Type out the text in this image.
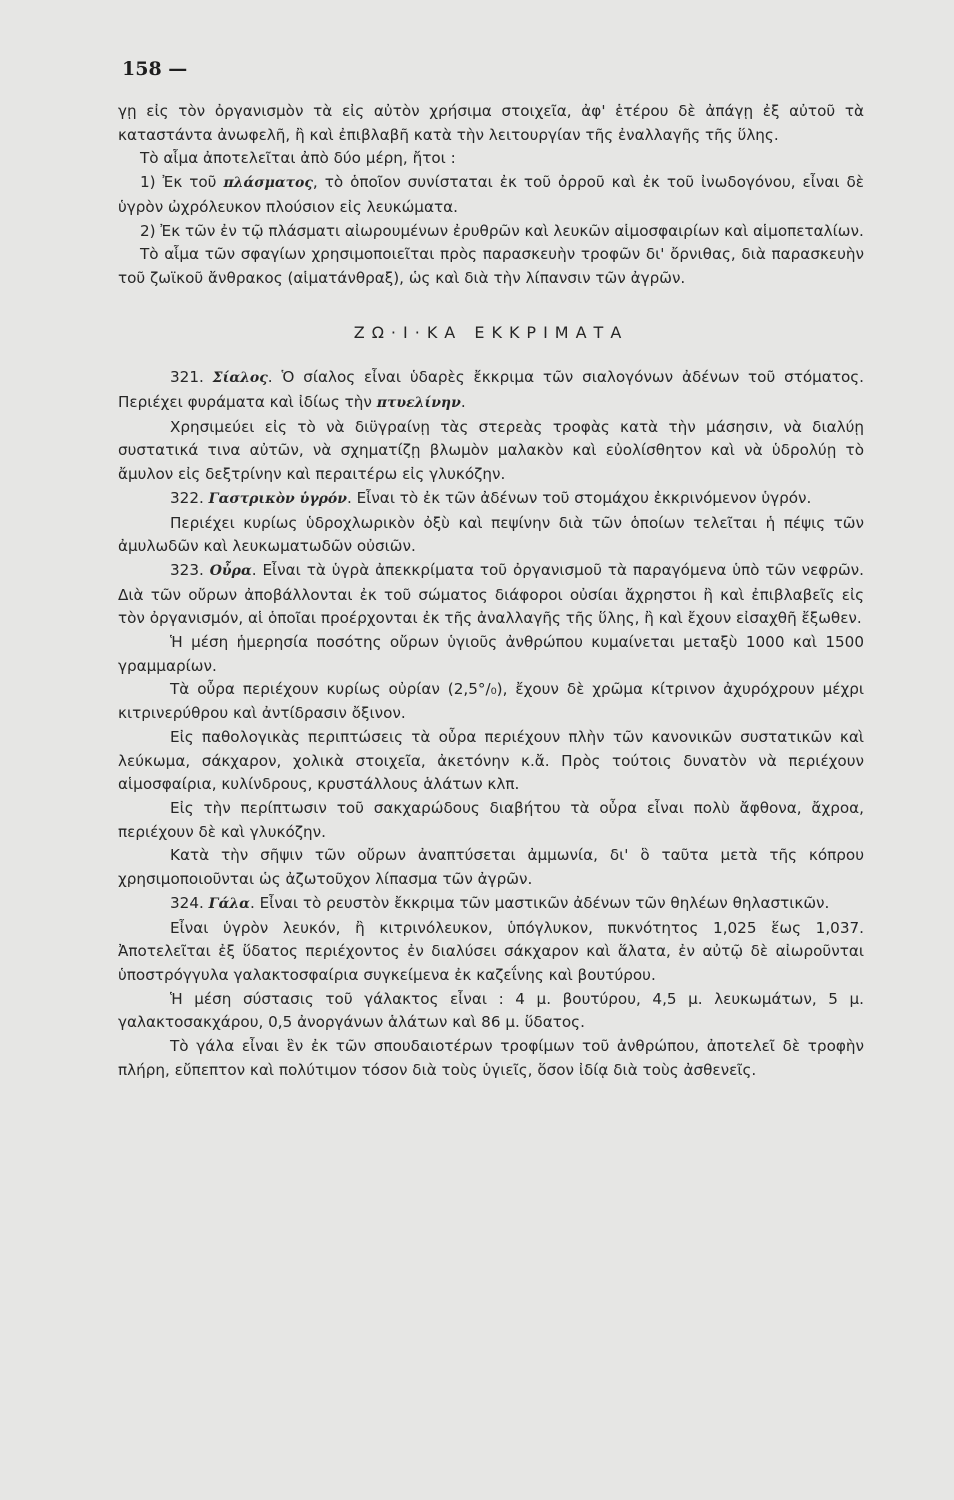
158 —

γῃ εἰς τὸν ὀργανισμὸν τὰ εἰς αὐτὸν χρήσιμα στοιχεῖα, ἀφ' ἑτέρου δὲ ἀπάγῃ ἐξ αὐτοῦ τὰ καταστάντα ἀνωφελῆ, ἢ καὶ ἐπιβλαβῆ κατὰ τὴν λειτουργίαν τῆς ἐναλλαγῆς τῆς ὕλης.

Τὸ αἷμα ἀποτελεῖται ἀπὸ δύο μέρη, ἤτοι :

1) Ἐκ τοῦ πλάσματος, τὸ ὁποῖον συνίσταται ἐκ τοῦ ὀρροῦ καὶ ἐκ τοῦ ἰνωδογόνου, εἶναι δὲ ὑγρὸν ὠχρόλευκον πλούσιον εἰς λευκώματα.

2) Ἐκ τῶν ἐν τῷ πλάσματι αἰωρουμένων ἐρυθρῶν καὶ λευκῶν αἱμοσφαιρίων καὶ αἱμοπεταλίων.

Τὸ αἷμα τῶν σφαγίων χρησιμοποιεῖται πρὸς παρασκευὴν τροφῶν δι' ὄρνιθας, διὰ παρασκευὴν τοῦ ζωϊκοῦ ἄνθρακος (αἱματάνθραξ), ὡς καὶ διὰ τὴν λίπανσιν τῶν ἀγρῶν.

ΖΩ·Ι·ΚΑ ΕΚΚΡΙΜΑΤΑ

321. Σίαλος. Ὁ σίαλος εἶναι ὑδαρὲς ἔκκριμα τῶν σιαλογόνων ἀδένων τοῦ στόματος. Περιέχει φυράματα καὶ ἰδίως τὴν πτυελίνην.

Χρησιμεύει εἰς τὸ νὰ διϋγραίνῃ τὰς στερεὰς τροφὰς κατὰ τὴν μάσησιν, νὰ διαλύῃ συστατικά τινα αὐτῶν, νὰ σχηματίζῃ βλωμὸν μαλακὸν καὶ εὐολίσθητον καὶ νὰ ὑδρολύῃ τὸ ἄμυλον εἰς δεξτρίνην καὶ περαιτέρω εἰς γλυκόζην.

322. Γαστρικὸν ὑγρόν. Εἶναι τὸ ἐκ τῶν ἀδένων τοῦ στομάχου ἐκκρινόμενον ὑγρόν.

Περιέχει κυρίως ὑδροχλωρικὸν ὀξὺ καὶ πεψίνην διὰ τῶν ὁποίων τελεῖται ἡ πέψις τῶν ἀμυλωδῶν καὶ λευκωματωδῶν οὐσιῶν.

323. Οὖρα. Εἶναι τὰ ὑγρὰ ἀπεκκρίματα τοῦ ὀργανισμοῦ τὰ παραγόμενα ὑπὸ τῶν νεφρῶν. Διὰ τῶν οὔρων ἀποβάλλονται ἐκ τοῦ σώματος διάφοροι οὐσίαι ἄχρηστοι ἢ καὶ ἐπιβλαβεῖς εἰς τὸν ὀργανισμόν, αἱ ὁποῖαι προέρχονται ἐκ τῆς ἀναλλαγῆς τῆς ὕλης, ἢ καὶ ἔχουν εἰσαχθῆ ἔξωθεν.

Ἡ μέση ἡμερησία ποσότης οὔρων ὑγιοῦς ἀνθρώπου κυμαίνεται μεταξὺ 1000 καὶ 1500 γραμμαρίων.

Τὰ οὖρα περιέχουν κυρίως οὐρίαν (2,5°/₀), ἔχουν δὲ χρῶμα κίτρινον ἀχυρόχρουν μέχρι κιτρινερύθρου καὶ ἀντίδρασιν ὄξινον.

Εἰς παθολογικὰς περιπτώσεις τὰ οὖρα περιέχουν πλὴν τῶν κανονικῶν συστατικῶν καὶ λεύκωμα, σάκχαρον, χολικὰ στοιχεῖα, ἀκετόνην κ.ἄ. Πρὸς τούτοις δυνατὸν νὰ περιέχουν αἱμοσφαίρια, κυλίνδρους, κρυστάλλους ἁλάτων κλπ.

Εἰς τὴν περίπτωσιν τοῦ σακχαρώδους διαβήτου τὰ οὖρα εἶναι πολὺ ἄφθονα, ἄχροα, περιέχουν δὲ καὶ γλυκόζην.

Κατὰ τὴν σῆψιν τῶν οὔρων ἀναπτύσεται ἀμμωνία, δι' ὃ ταῦτα μετὰ τῆς κόπρου χρησιμοποιοῦνται ὡς ἀζωτοῦχον λίπασμα τῶν ἀγρῶν.

324. Γάλα. Εἶναι τὸ ρευστὸν ἔκκριμα τῶν μαστικῶν ἀδένων τῶν θηλέων θηλαστικῶν.

Εἶναι ὑγρὸν λευκόν, ἢ κιτρινόλευκον, ὑπόγλυκον, πυκνότητος 1,025 ἕως 1,037. Ἀποτελεῖται ἐξ ὕδατος περιέχοντος ἐν διαλύσει σάκχαρον καὶ ἅλατα, ἐν αὐτῷ δὲ αἰωροῦνται ὑποστρόγγυλα γαλακτοσφαίρια συγκείμενα ἐκ καζεΐνης καὶ βουτύρου.

Ἡ μέση σύστασις τοῦ γάλακτος εἶναι : 4 μ. βουτύρου, 4,5 μ. λευκωμάτων, 5 μ. γαλακτοσακχάρου, 0,5 ἀνοργάνων ἁλάτων καὶ 86 μ. ὕδατος.

Τὸ γάλα εἶναι ἓν ἐκ τῶν σπουδαιοτέρων τροφίμων τοῦ ἀνθρώπου, ἀποτελεῖ δὲ τροφὴν πλήρη, εὔπεπτον καὶ πολύτιμον τόσον διὰ τοὺς ὑγιεῖς, ὅσον ἰδίᾳ διὰ τοὺς ἀσθενεῖς.
